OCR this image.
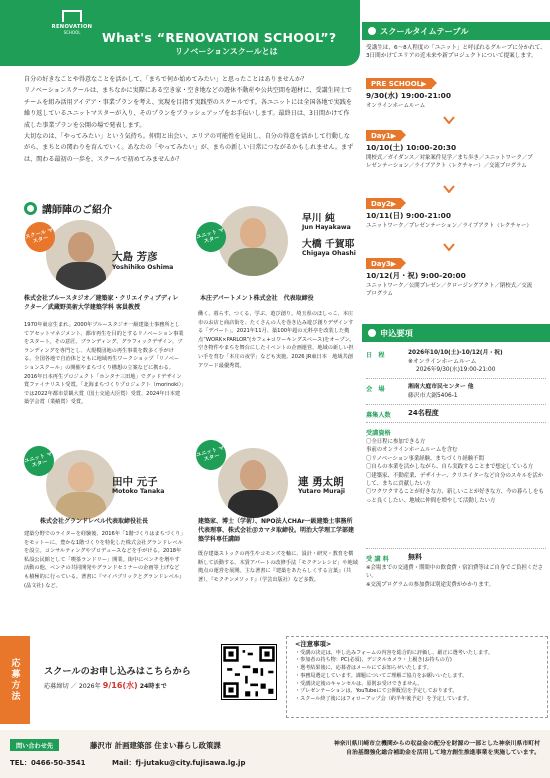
RENOVATION
SCHOOL	What's “RENOVATION SCHOOL”?
リノベーションスクールとは

自分の好きなことや得意なことを活かして、「まちで何か始めてみたい」と思ったことはありませんか？

リノベーションスクールは、まちなかに実際にある空き家・空き地などの遊休不動産や公共空間を題材に、受講生同士でチームを組み活用アイデア・事業プランを考え、実現を目指す実践型のスクールです。各ユニットには全国各地で実践を繰り返しているユニットマスターが入り、そのプランをブラッシュアップをお手伝いします。最終日は、3日間かけて作成した事業プランを公開の場で発表します。

大切なのは、「やってみたい」という気持ち。仲間と出会い、エリアの可能性を見出し、自分の得意を活かして行動しながら、まちとの関わりを育んでいく。あなたの「やってみたい」が、まちの新しい日常につながるかもしれません。まずは、関わる最初の一歩を、スクールで初めてみませんか？

講師陣のご紹介
スクール マスター
大島 芳彦
Yoshihiko Oshima
株式会社ブルースタジオ／建築家・クリエイティブディレクター／武蔵野美術大学建築学科 客員教授
1970年東京生まれ。2000年ブルースタジオ一級建築士事務所としてアセットマネジメント、都市再生を目的とするリノベーション事業をスタート。その意匠、ブランディング、グラフィックデザイン、ブランディングを専門とし、大規模団地の再生事業を数多く手がける。全国各地で自治体とともに地域再生ワークショップ「リノベーションスクール」の開催やまちづくり構想の立案などに携わる。2016年日本再生プロジェクト「ホンタナ三田地」でグッドデザイン賞ファイナリスト受賞。「北海まちづくりプロジェクト（morinoki）」では2022年都市景観大賞（国土交通大臣賞）受賞、2024年日本建築学会賞（業績賞）受賞。
ユニット マスター
早川 純
Jun Hayakawa
大橋 千賀耶
Chigaya Ohashi
本庄デパートメント株式会社　代表取締役
働く、暮らす、つくる、学ぶ、遊び創り。埼玉県のほしっこ、本庄市のお店と商店街を、たくさんの人を巻き込み遊び創りデザインする「デパート」。2021年11月、築100年超の元料亭を改装した拠点“WORK×PARLOR”(カフェ+コワーキングスペース)をオープン。空き物件やまちを舞台にしたイベントの企画運営、地域の新しい担い手を育む「本庄の夜学」なども実施。2026 JR東日本　地域共創アワード最優秀賞。
ユニット マスター
田中 元子
Motoko Tanaka
株式会社グランドレベル代表取締役社長
建築分野でのライターを経験後、2016年「1階づくりはまちづくり」をモットーに、豊かな1階づくりを特化した株式会社グランドレベルを設立。コンサルティングやプロデュースなどを手がける。2018年私設公民館として「喫茶ランドリー」開業。街中にベンチを増やす活動の他、ベンチの共同開発やグランドセミナーの企画等上げなども積極的に行っている。著書に『マイパブリックとグランドレベル』(晶文社) など。
ユニット マスター
連 勇太朗
Yutaro Muraji
建築家、博士（学術）、NPO法人CHAr一級建築士事務所 代表理事、株式会社＠カマタ取締役。明治大学理工学部建築学科専任講師
既存建築ストックの再生やコモンズを軸に、設計・研究・教育を横断して活動する。木賃アパートの改修手法「モクチンレシピ」や地域拠点の運営を展開。主な著書に『建築をあたらしくする言葉』（共著）、『モクチンメソッド』（学芸出版社）など多数。
スクールタイムテーブル
受講生は、6～8人程度の「ユニット」と呼ばれるグループに分かれて、3日間かけてエリアの近未来や新プロジェクトについて提案します。
PRE SCHOOL▶
9/30(水) 19:00-21:00
オンラインホームルーム
Day1▶
10/10(土) 10:00-20:30
開校式／ガイダンス／対象案件見学／まち歩き／ユニットワーク／プレゼンテーション／ライブアクト（レクチャー）／交流プログラム
Day2▶
10/11(日) 9:00-21:00
ユニットワーク／プレゼンテーション／ライブアクト（レクチャー）
Day3▶
10/12(月・祝) 9:00-20:00
ユニットワーク／公開プレゼン／クロージングアクト／閉校式／交流プログラム
申込要項
日　程	2026年10/10(土)-10/12(月・祝)
※オンラインホームルーム
2026年9/30(水)19:00-21:00
会　場	湘南大庭市民センター 他
藤沢市大鋸5406-1
募集人数	24名程度
受講資格
〇全日程に参加できる方
事前のオンラインホームルームを含む
〇リノベーション事業経験、まちづくり経験不問
〇自らの本業を活かしながら、自ら実践することまで想定している方
〇建築家、不動産業、デザイナー、クリエイターなど自分のスキルを活かして、まちに貢献したい方
〇ワクワクすることが好きな方、新しいことが好きな方、今の暮らしをもっと良くしたい、地域に仲間を増やして活動したい方
受 講 料	無料
※会場までの交通費・期間中の飲食費・宿泊費等はご自身でご負担ください。
※交流プログラムの参加費は別途実費がかかります。
応募方法	スクールのお申し込みはこちらから
応募締切 ／ 2026年 9/16(水) 24時まで
<注意事項>
・受講の決定は、申し込みフォームの内容を総合的に評価し、厳正に選考いたします。
・参加者の持ち物：PC(必須)、デジタルカメラ・上履き(お持ちの方)
・選考結果後に、応募者はメールにてお知らせいたします。
・事務局選定しています。課題についてご理解ご協力をお願いいたします。
・受講決定後のキャンセルは、原則お受けできません。
・プレゼンテーションは、YouTubeにて公開配信を予定しております。
・スクール終了後にはフォローアップ会（約半年後予定）を予定しています。
問い合わせ先	藤沢市 計画建築部 住まい暮らし政策課
TEL：0466-50-3541	Mail：fj-jutaku@city.fujisawa.lg.jp
神奈川県川崎市立機関からの収益金の配分を財源の一部とした神奈川県市町村自治基盤強化総合補助金を活用して地方創生推進事業を実施しています。
